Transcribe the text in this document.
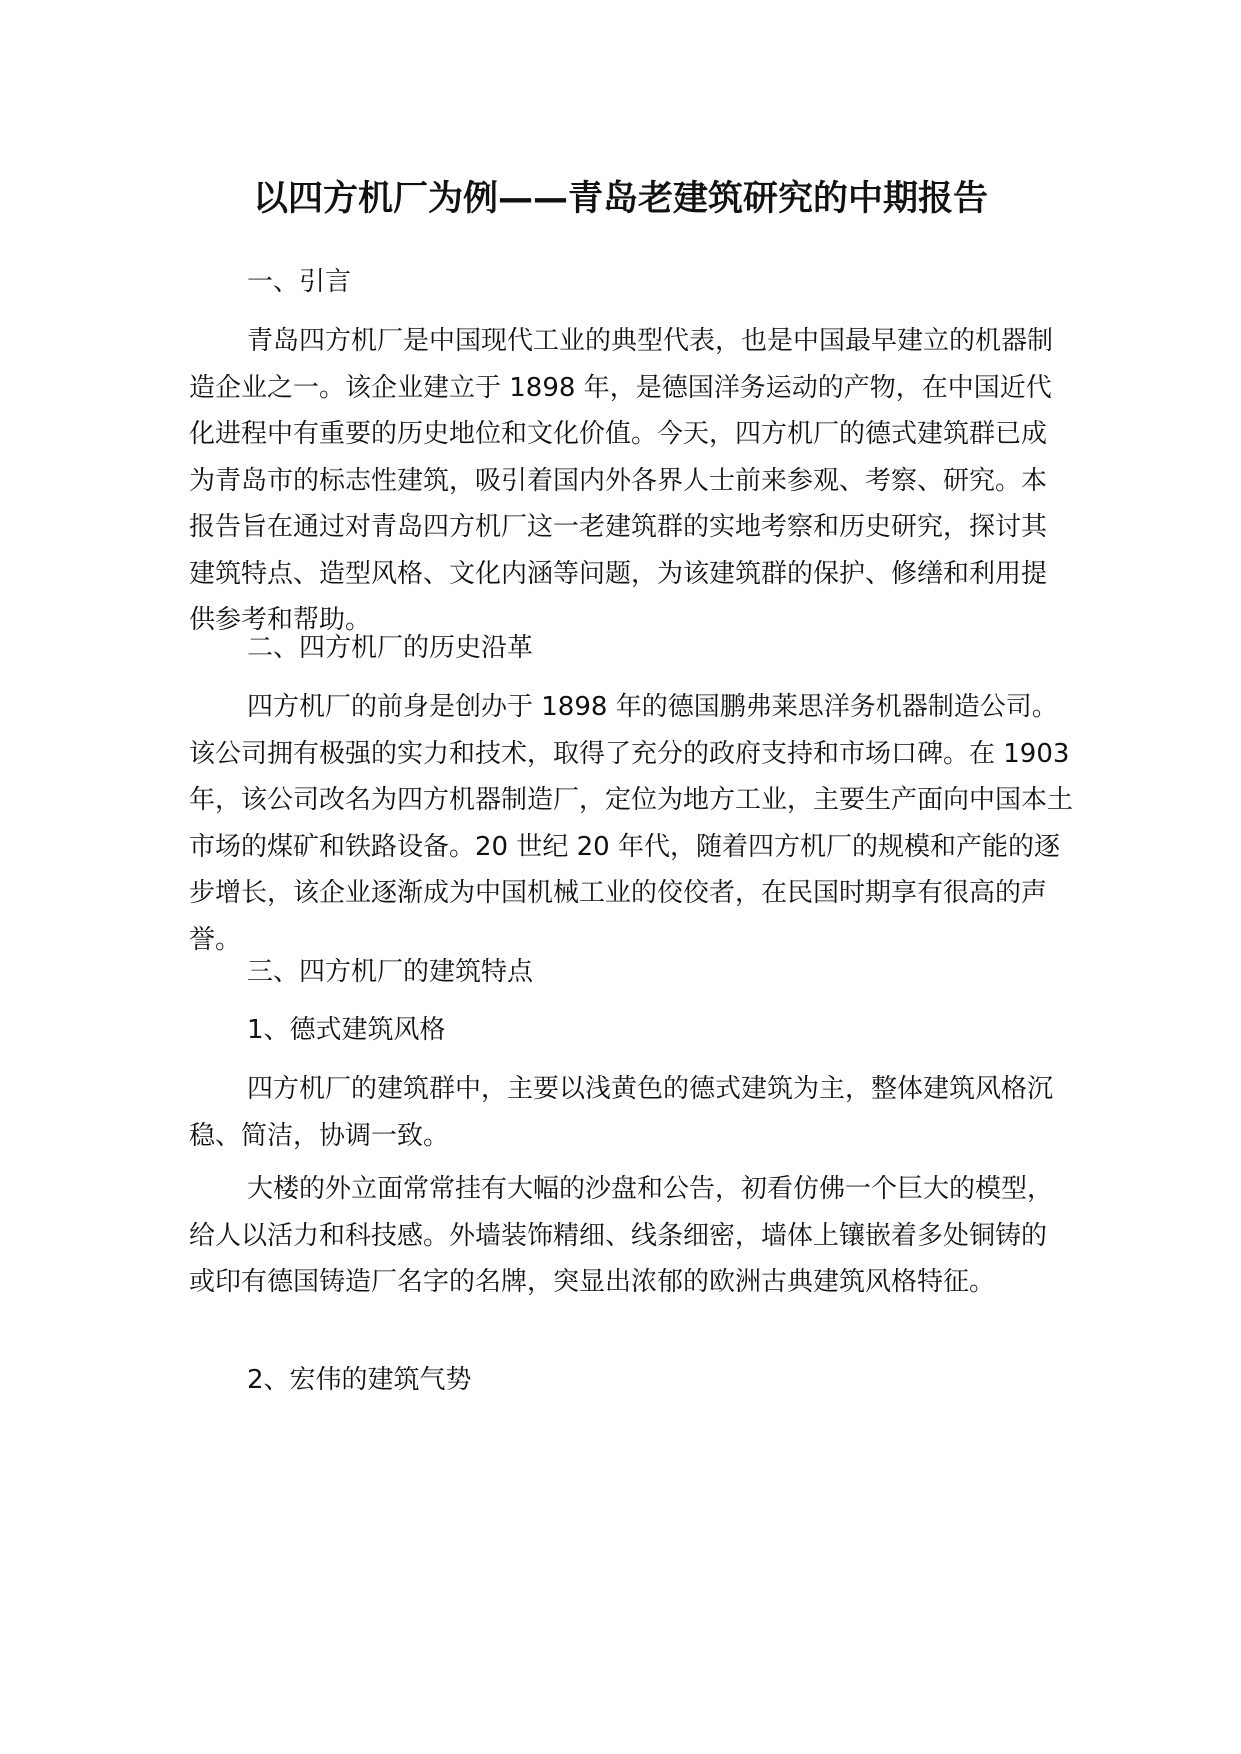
以四方机厂为例——青岛老建筑研究的中期报告
一、引言
青岛四方机厂是中国现代工业的典型代表，也是中国最早建立的机器制造企业之一。该企业建立于 1898 年，是德国洋务运动的产物，在中国近代化进程中有重要的历史地位和文化价值。今天，四方机厂的德式建筑群已成为青岛市的标志性建筑，吸引着国内外各界人士前来参观、考察、研究。本报告旨在通过对青岛四方机厂这一老建筑群的实地考察和历史研究，探讨其建筑特点、造型风格、文化内涵等问题，为该建筑群的保护、修缮和利用提供参考和帮助。
二、四方机厂的历史沿革
四方机厂的前身是创办于 1898 年的德国鹏弗莱思洋务机器制造公司。该公司拥有极强的实力和技术，取得了充分的政府支持和市场口碑。在 1903 年，该公司改名为四方机器制造厂，定位为地方工业，主要生产面向中国本土市场的煤矿和铁路设备。20 世纪 20 年代，随着四方机厂的规模和产能的逐步增长，该企业逐渐成为中国机械工业的佼佼者，在民国时期享有很高的声誉。
三、四方机厂的建筑特点
1、德式建筑风格
四方机厂的建筑群中，主要以浅黄色的德式建筑为主，整体建筑风格沉稳、简洁，协调一致。
大楼的外立面常常挂有大幅的沙盘和公告，初看仿佛一个巨大的模型，给人以活力和科技感。外墙装饰精细、线条细密，墙体上镶嵌着多处铜铸的或印有德国铸造厂名字的名牌，突显出浓郁的欧洲古典建筑风格特征。
2、宏伟的建筑气势
